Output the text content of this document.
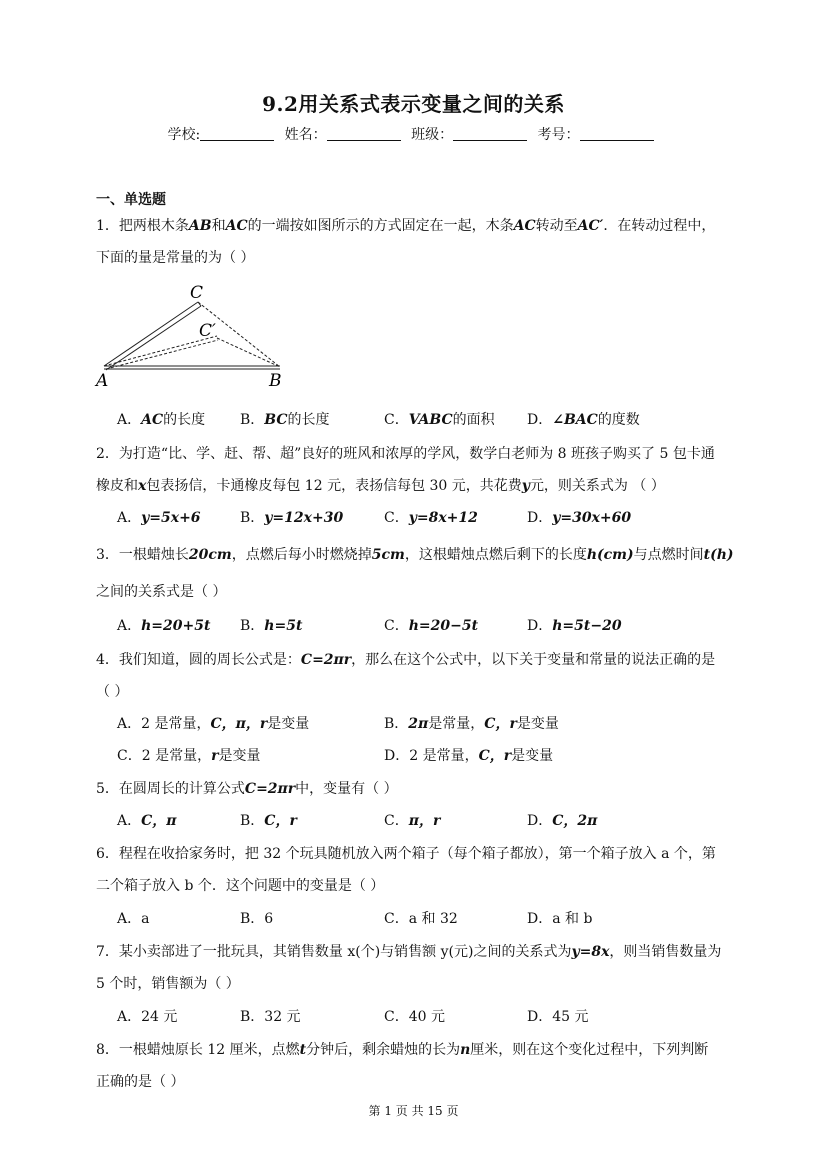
9.2用关系式表示变量之间的关系
学校:	姓名：	班级：	考号：
一、单选题
1．把两根木条AB和AC的一端按如图所示的方式固定在一起，木条AC转动至AC′．在转动过程中，
下面的量是常量的为（ ）
C
C′
A	B
A．AC的长度 B．BC的长度	C．VABC的面积 D．∠BAC的度数
2．为打造“比、学、赶、帮、超”良好的班风和浓厚的学风，数学白老师为 8 班孩子购买了 5 包卡通
橡皮和x包表扬信，卡通橡皮每包 12 元，表扬信每包 30 元，共花费y元，则关系式为 （ ）
A．y=5x+6	B．y=12x+30	C．y=8x+12	D．y=30x+60
3．一根蜡烛长20cm，点燃后每小时燃烧掉5cm，这根蜡烛点燃后剩下的长度h(cm)与点燃时间t(h)
之间的关系式是（ ）
A．h=20+5t B．h=5t	C．h=20−5t	D．h=5t−20
4．我们知道，圆的周长公式是：C=2πr，那么在这个公式中，以下关于变量和常量的说法正确的是
（ ）
A．2 是常量，C，π，r是变量	B．2π是常量，C，r是变量
C．2 是常量，r是变量	D．2 是常量，C，r是变量
5．在圆周长的计算公式C=2πr中，变量有（ ）
A．C，π	B．C，r	C．π，r	D．C，2π
6．程程在收拾家务时，把 32 个玩具随机放入两个箱子（每个箱子都放），第一个箱子放入 a 个，第
二个箱子放入 b 个．这个问题中的变量是（ ）
A．a	B．6	C．a 和 32	D．a 和 b
7．某小卖部进了一批玩具，其销售数量 x(个)与销售额 y(元)之间的关系式为y=8x，则当销售数量为
5 个时，销售额为（ ）
A．24 元	B．32 元	C．40 元	D．45 元
8．一根蜡烛原长 12 厘米，点燃t分钟后，剩余蜡烛的长为n厘米，则在这个变化过程中，下列判断
正确的是（ ）
第 1 页 共 15 页
